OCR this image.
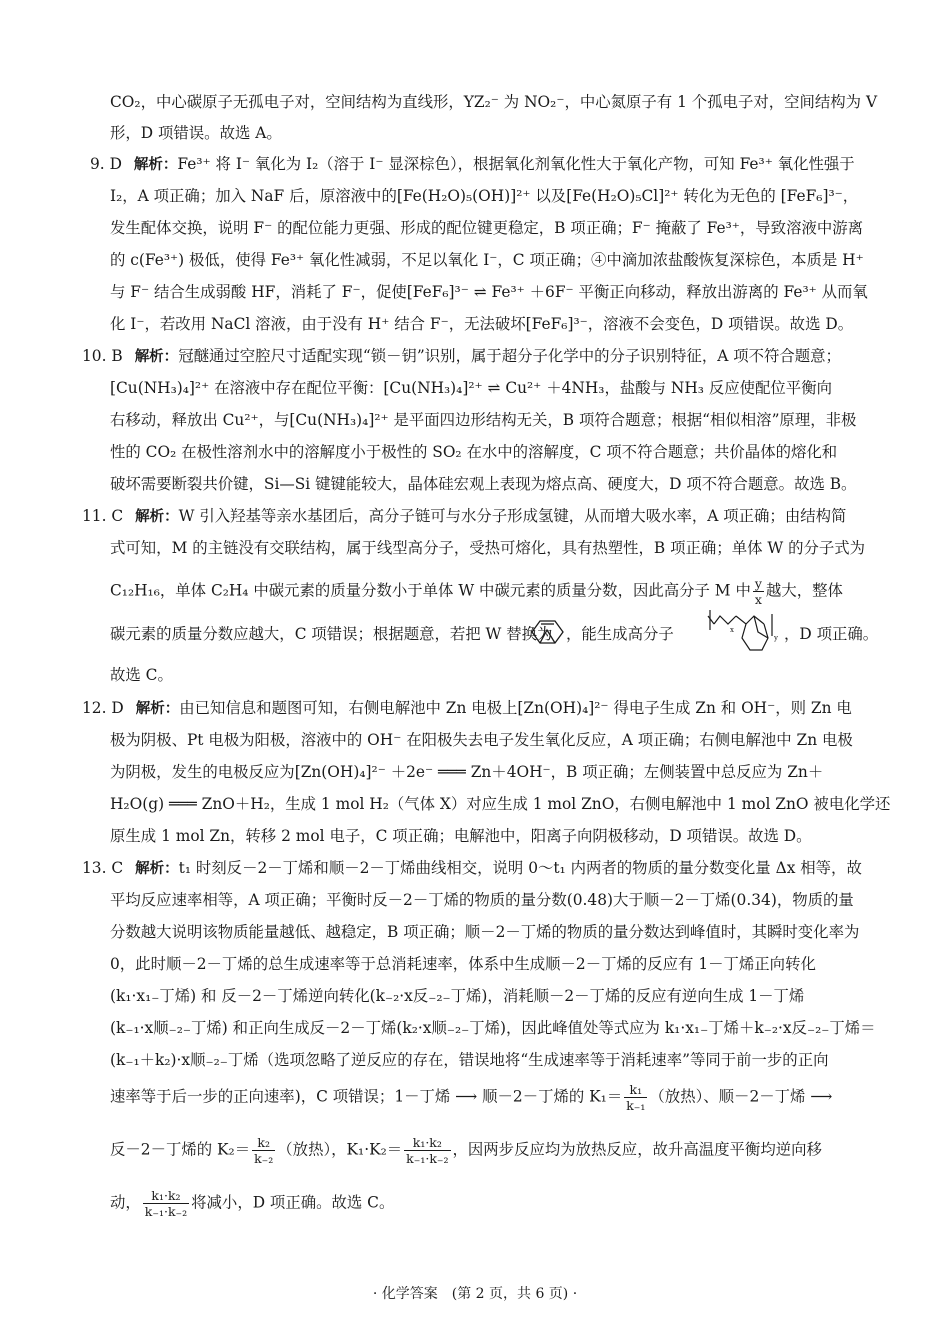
CO₂，中心碳原子无孤电子对，空间结构为直线形，YZ₂⁻ 为 NO₂⁻，中心氮原子有 1 个孤电子对，空间结构为 V
形，D 项错误。故选 A。
9. D 解析：Fe³⁺ 将 I⁻ 氧化为 I₂（溶于 I⁻ 显深棕色），根据氧化剂氧化性大于氧化产物，可知 Fe³⁺ 氧化性强于
I₂，A 项正确；加入 NaF 后，原溶液中的[Fe(H₂O)₅(OH)]²⁺ 以及[Fe(H₂O)₅Cl]²⁺ 转化为无色的 [FeF₆]³⁻，
发生配体交换，说明 F⁻ 的配位能力更强、形成的配位键更稳定，B 项正确；F⁻ 掩蔽了 Fe³⁺，导致溶液中游离
的 c(Fe³⁺) 极低，使得 Fe³⁺ 氧化性减弱，不足以氧化 I⁻，C 项正确；④中滴加浓盐酸恢复深棕色，本质是 H⁺
与 F⁻ 结合生成弱酸 HF，消耗了 F⁻，促使[FeF₆]³⁻ ⇌ Fe³⁺ ＋6F⁻ 平衡正向移动，释放出游离的 Fe³⁺ 从而氧
化 I⁻，若改用 NaCl 溶液，由于没有 H⁺ 结合 F⁻，无法破坏[FeF₆]³⁻，溶液不会变色，D 项错误。故选 D。
10. B 解析：冠醚通过空腔尺寸适配实现“锁－钥”识别，属于超分子化学中的分子识别特征，A 项不符合题意；
[Cu(NH₃)₄]²⁺ 在溶液中存在配位平衡：[Cu(NH₃)₄]²⁺ ⇌ Cu²⁺ ＋4NH₃，盐酸与 NH₃ 反应使配位平衡向
右移动，释放出 Cu²⁺，与[Cu(NH₃)₄]²⁺ 是平面四边形结构无关，B 项符合题意；根据“相似相溶”原理，非极
性的 CO₂ 在极性溶剂水中的溶解度小于极性的 SO₂ 在水中的溶解度，C 项不符合题意；共价晶体的熔化和
破坏需要断裂共价键，Si—Si 键键能较大，晶体硅宏观上表现为熔点高、硬度大，D 项不符合题意。故选 B。
11. C 解析：W 引入羟基等亲水基团后，高分子链可与水分子形成氢键，从而增大吸水率，A 项正确；由结构简
式可知，M 的主链没有交联结构，属于线型高分子，受热可熔化，具有热塑性，B 项正确；单体 W 的分子式为
C₁₂H₁₆，单体 C₂H₄ 中碳元素的质量分数小于单体 W 中碳元素的质量分数，因此高分子 M 中 $\frac{y}{x}$ 越大，整体
碳元素的质量分数应越大，C 项错误；根据题意，若把 W 替换为 ，能生成高分子	x
y ，D 项正确。
故选 C。
12. D 解析：由已知信息和题图可知，右侧电解池中 Zn 电极上[Zn(OH)₄]²⁻ 得电子生成 Zn 和 OH⁻，则 Zn 电
极为阴极、Pt 电极为阳极，溶液中的 OH⁻ 在阳极失去电子发生氧化反应，A 项正确；右侧电解池中 Zn 电极
为阴极，发生的电极反应为[Zn(OH)₄]²⁻ ＋2e⁻ ═══ Zn＋4OH⁻，B 项正确；左侧装置中总反应为 Zn＋
H₂O(g) ═══ ZnO＋H₂，生成 1 mol H₂（气体 X）对应生成 1 mol ZnO，右侧电解池中 1 mol ZnO 被电化学还
原生成 1 mol Zn，转移 2 mol 电子，C 项正确；电解池中，阳离子向阴极移动，D 项错误。故选 D。
13. C 解析：t₁ 时刻反－2－丁烯和顺－2－丁烯曲线相交，说明 0～t₁ 内两者的物质的量分数变化量 Δx 相等，故
平均反应速率相等，A 项正确；平衡时反－2－丁烯的物质的量分数(0.48)大于顺－2－丁烯(0.34)，物质的量
分数越大说明该物质能量越低、越稳定，B 项正确；顺－2－丁烯的物质的量分数达到峰值时，其瞬时变化率为
0，此时顺－2－丁烯的总生成速率等于总消耗速率，体系中生成顺－2－丁烯的反应有 1－丁烯正向转化
(k₁·x₁₋丁烯) 和 反－2－丁烯逆向转化(k₋₂·x反₋₂₋丁烯)，消耗顺－2－丁烯的反应有逆向生成 1－丁烯
(k₋₁·x顺₋₂₋丁烯) 和正向生成反－2－丁烯(k₂·x顺₋₂₋丁烯)，因此峰值处等式应为 k₁·x₁₋丁烯＋k₋₂·x反₋₂₋丁烯＝
(k₋₁＋k₂)·x顺₋₂₋丁烯（选项忽略了逆反应的存在，错误地将“生成速率等于消耗速率”等同于前一步的正向
速率等于后一步的正向速率)，C 项错误；1－丁烯 ⟶ 顺－2－丁烯的 $K_1= \frac{\text{k₁}}{\text{k₋₁}}$ （放热）、顺－2－丁烯 ⟶
反－2－丁烯的 $K_2= \frac{\text{k₂}}{\text{k₋₂}}$ （放热），$K_1\cdot K_2= \frac{\text{k₁·k₂}}{\text{k₋₁·k₋₂}}$ ，因两步反应均为放热反应，故升高温度平衡均逆向移
动， $\frac{\text{k₁·k₂}}{\text{k₋₁·k₋₂}}$ 将减小，D 项正确。故选 C。
· 化学答案　(第 2 页，共 6 页) ·
